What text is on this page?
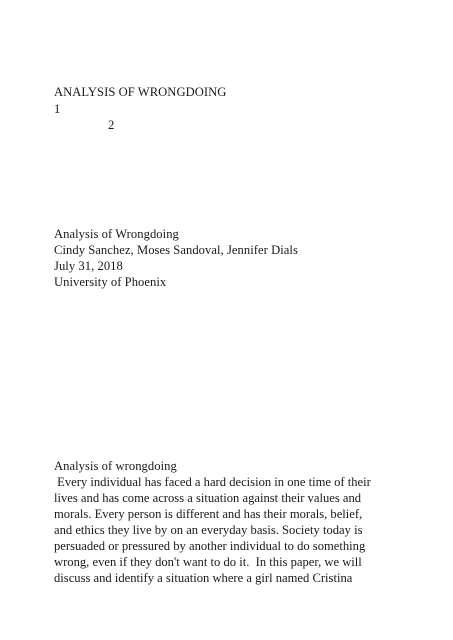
ANALYSIS OF WRONGDOING
1
2
Analysis of Wrongdoing
Cindy Sanchez, Moses Sandoval, Jennifer Dials
July 31, 2018
University of Phoenix
Analysis of wrongdoing
Every individual has faced a hard decision in one time of their
lives and has come across a situation against their values and
morals. Every person is different and has their morals, belief,
and ethics they live by on an everyday basis. Society today is
persuaded or pressured by another individual to do something
wrong, even if they don't want to do it.  In this paper, we will
discuss and identify a situation where a girl named Cristina
